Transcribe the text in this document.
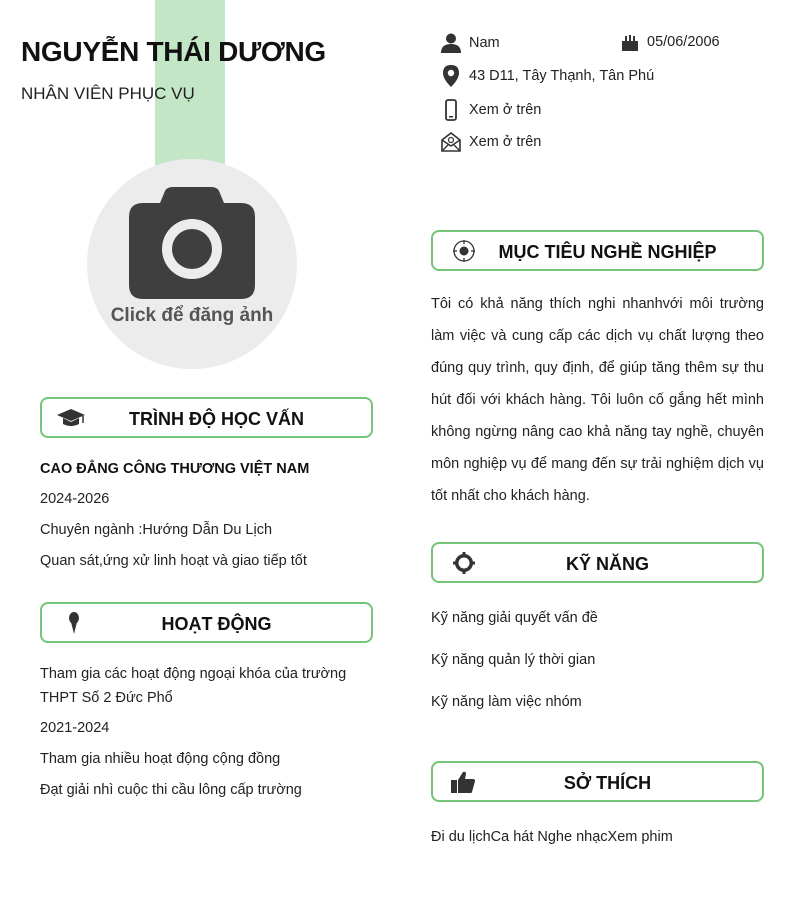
NGUYỄN THÁI DƯƠNG
NHÂN VIÊN PHỤC VỤ
Click để đăng ảnh
Nam	05/06/2006
43 D11, Tây Thạnh, Tân Phú
Xem ở trên
Xem ở trên
TRÌNH ĐỘ HỌC VẤN
CAO ĐẲNG CÔNG THƯƠNG VIỆT NAM
2024-2026
Chuyên ngành :Hướng Dẫn Du Lịch
Quan sát,ứng xử linh hoạt và giao tiếp tốt
HOẠT ĐỘNG
Tham gia các hoạt động ngoại khóa của trường
THPT Số 2 Đức Phổ
2021-2024
Tham gia nhiều hoạt động cộng đồng
Đạt giải nhì cuộc thi cầu lông cấp trường
MỤC TIÊU NGHỀ NGHIỆP
Tôi có khả năng thích nghi nhanhvới môi trường làm việc và cung cấp các dịch vụ chất lượng theo đúng quy trình, quy định, để giúp tăng thêm sự thu hút đối với khách hàng. Tôi luôn cố gắng hết mình không ngừng nâng cao khả năng tay nghề, chuyên môn nghiệp vụ để mang đến sự trải nghiệm dịch vụ tốt nhất cho khách hàng.
KỸ NĂNG
Kỹ năng giải quyết vấn đề
Kỹ năng quản lý thời gian
Kỹ năng làm việc nhóm
SỞ THÍCH
Đi du lịchCa hát Nghe nhạcXem phim
